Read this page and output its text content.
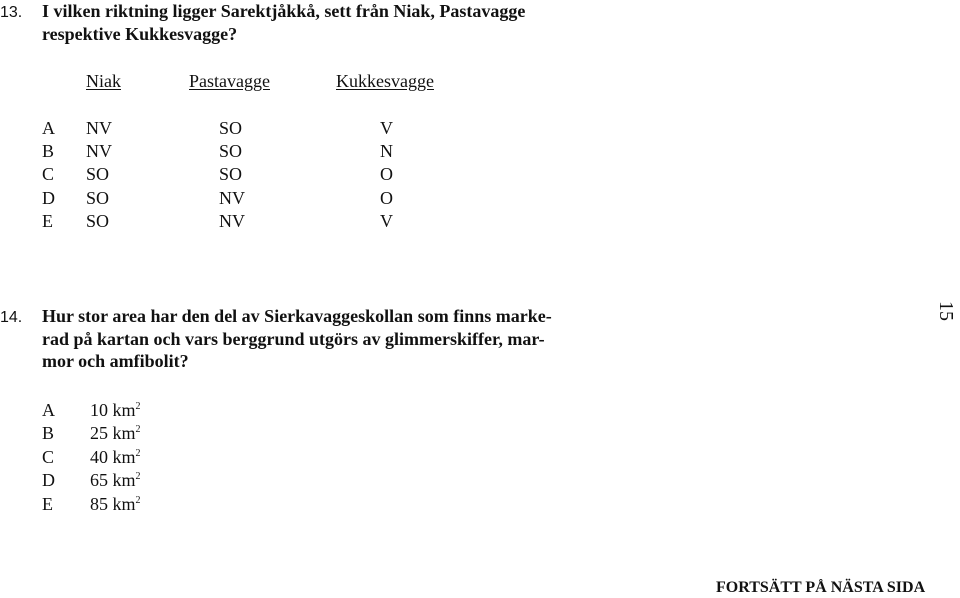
13. I vilken riktning ligger Sarektjåkkå, sett från Niak, Pastavagge
respektive Kukkesvagge?
Niak	Pastavagge	Kukkesvagge
A NV	SO	V
B NV	SO	N
C SO	SO	O
D SO	NV	O
E SO	NV	V
14. Hur stor area har den del av Sierkavaggeskollan som finns marke-
rad på kartan och vars berggrund utgörs av glimmerskiffer, mar-
mor och amfibolit?
A 10 $km^2$
B 25 $km^2$
C 40 $km^2$
D 65 $km^2$
E 85 $km^2$
15
FORTSÄTT PÅ NÄSTA SIDA
